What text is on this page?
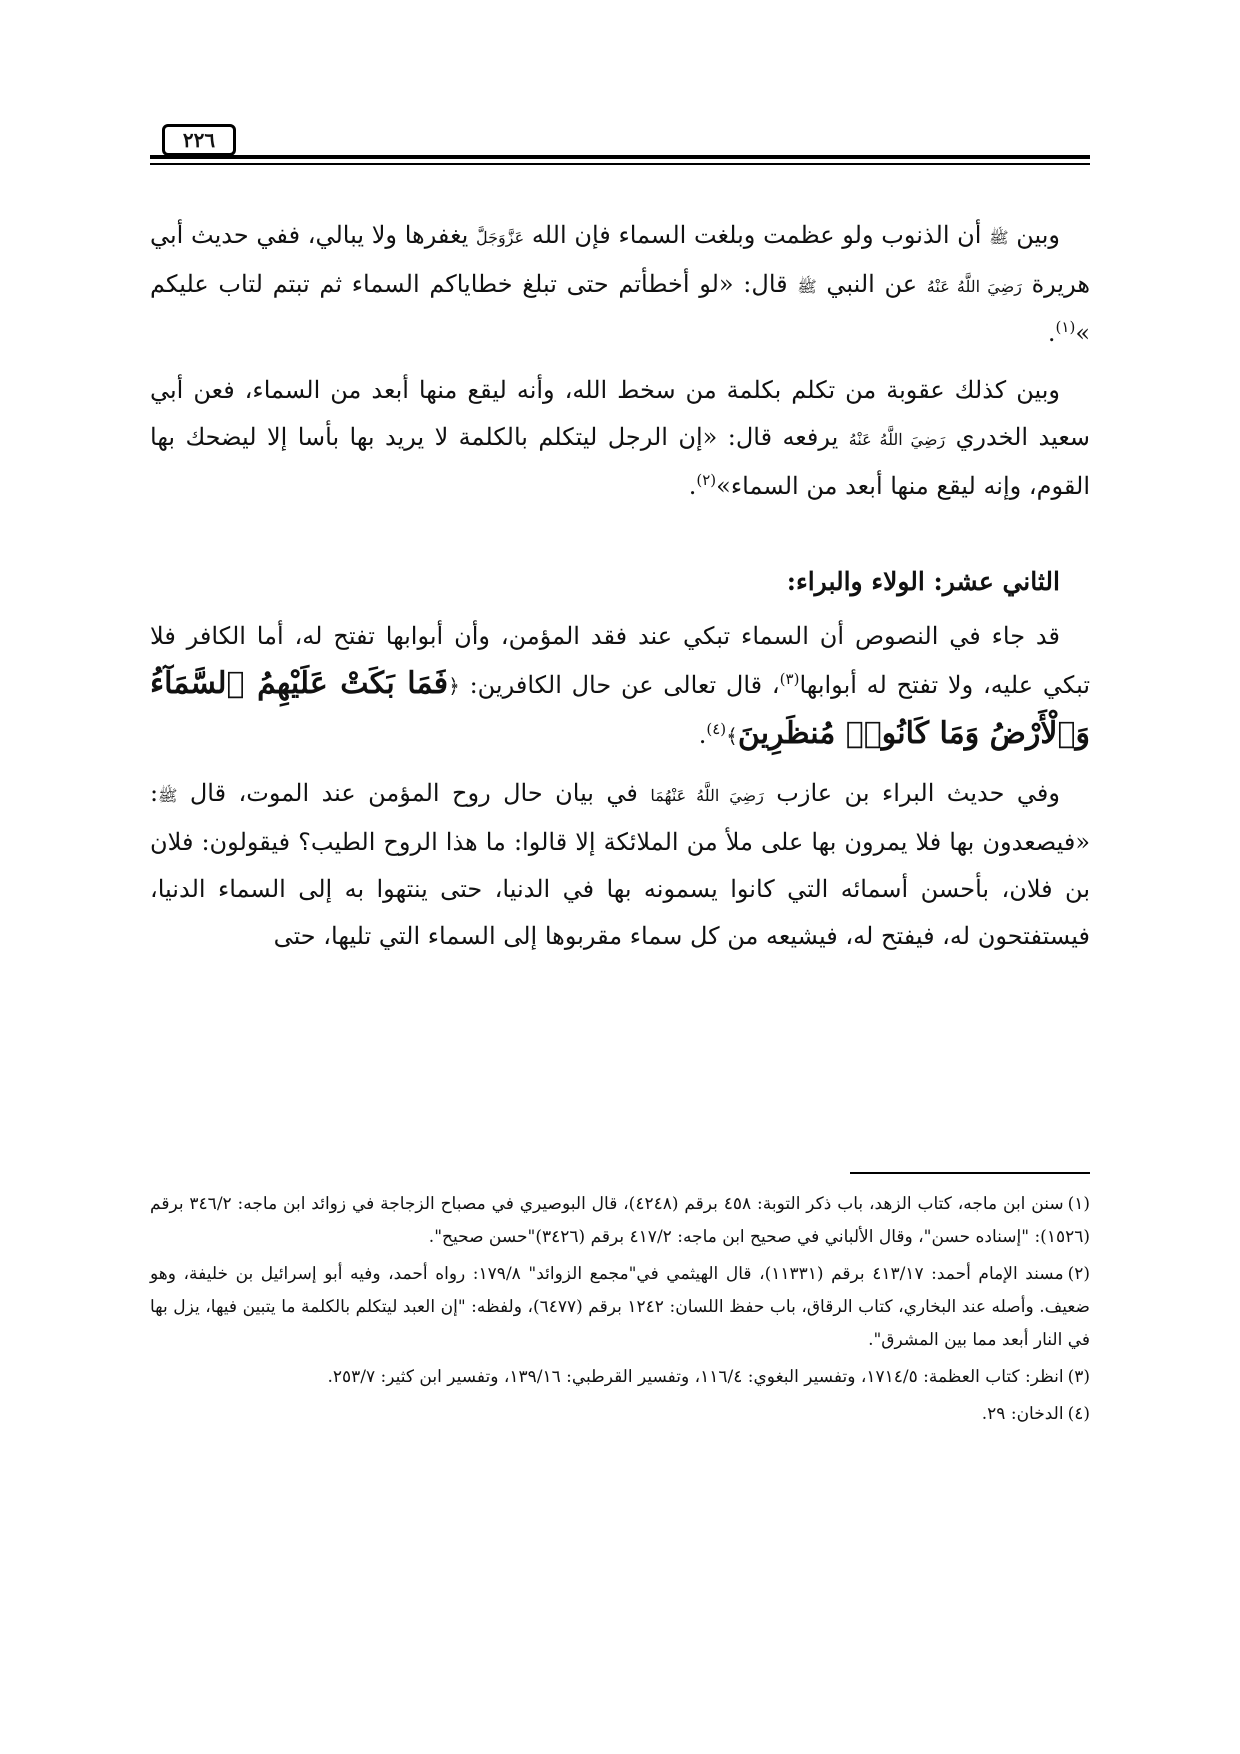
٢٢٦

وبين ﷺ أن الذنوب ولو عظمت وبلغت السماء فإن الله عَزَّوَجَلَّ يغفرها ولا يبالي، ففي حديث أبي هريرة رَضِيَ اللَّهُ عَنْهُ عن النبي ﷺ قال: «لو أخطأتم حتى تبلغ خطاياكم السماء ثم تبتم لتاب عليكم »$^{(١)}$.

وبين كذلك عقوبة من تكلم بكلمة من سخط الله، وأنه ليقع منها أبعد من السماء، فعن أبي سعيد الخدري رَضِيَ اللَّهُ عَنْهُ يرفعه قال: «إن الرجل ليتكلم بالكلمة لا يريد بها بأسا إلا ليضحك بها القوم، وإنه ليقع منها أبعد من السماء»$^{(٢)}$.

الثاني عشر: الولاء والبراء:

قد جاء في النصوص أن السماء تبكي عند فقد المؤمن، وأن أبوابها تفتح له، أما الكافر فلا تبكي عليه، ولا تفتح له أبوابها$^{(٣)}$، قال تعالى عن حال الكافرين: ﴿فَمَا بَكَتْ عَلَيْهِمُ ٱلسَّمَآءُ وَٱلْأَرْضُ وَمَا كَانُوا۟ مُنظَرِينَ﴾$^{(٤)}$.

وفي حديث البراء بن عازب رَضِيَ اللَّهُ عَنْهُمَا في بيان حال روح المؤمن عند الموت، قال ﷺ: «فيصعدون بها فلا يمرون بها على ملأ من الملائكة إلا قالوا: ما هذا الروح الطيب؟ فيقولون: فلان بن فلان، بأحسن أسمائه التي كانوا يسمونه بها في الدنيا، حتى ينتهوا به إلى السماء الدنيا، فيستفتحون له، فيفتح له، فيشيعه من كل سماء مقربوها إلى السماء التي تليها، حتى

(١)سنن ابن ماجه، كتاب الزهد، باب ذكر التوبة: ٤٥٨ برقم (٤٢٤٨)، قال البوصيري في مصباح الزجاجة في زوائد ابن ماجه: ٣٤٦/٢ برقم (١٥٢٦): "إسناده حسن"، وقال الألباني في صحيح ابن ماجه: ٤١٧/٢ برقم (٣٤٢٦)"حسن صحيح".

(٢)مسند الإمام أحمد: ٤١٣/١٧ برقم (١١٣٣١)، قال الهيثمي في"مجمع الزوائد" ١٧٩/٨: رواه أحمد، وفيه أبو إسرائيل بن خليفة، وهو ضعيف. وأصله عند البخاري، كتاب الرقاق، باب حفظ اللسان: ١٢٤٢ برقم (٦٤٧٧)، ولفظه: "إن العبد ليتكلم بالكلمة ما يتبين فيها، يزل بها في النار أبعد مما بين المشرق".

(٣)انظر: كتاب العظمة: ١٧١٤/٥، وتفسير البغوي: ١١٦/٤، وتفسير القرطبي: ١٣٩/١٦، وتفسير ابن كثير: ٢٥٣/٧.

(٤)الدخان: ٢٩.
